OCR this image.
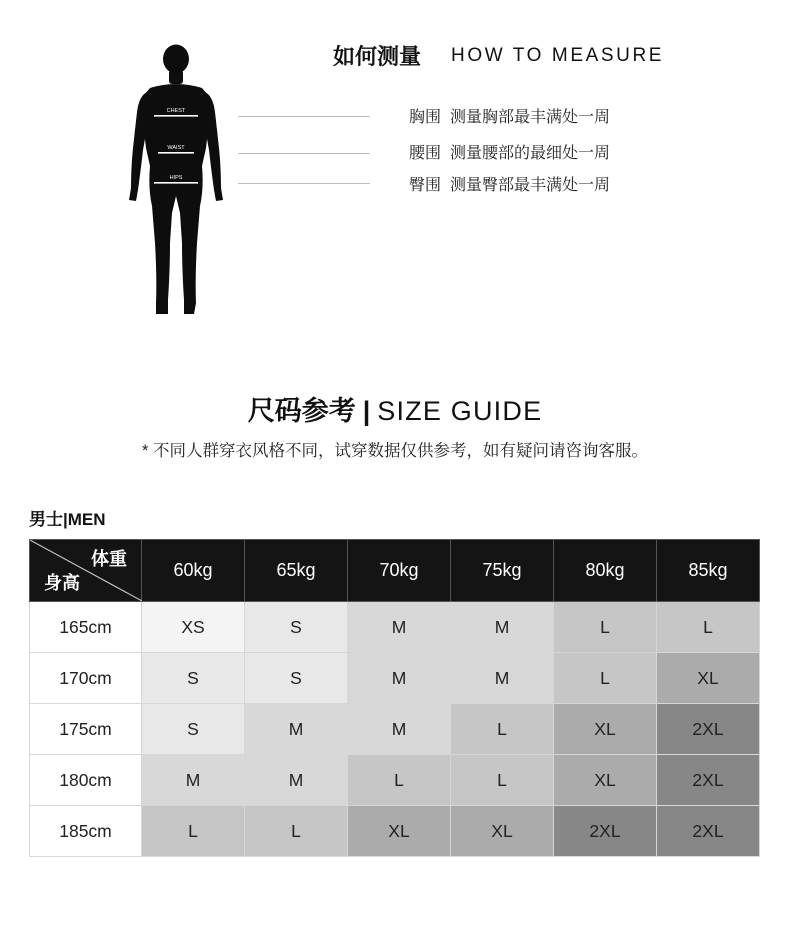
CHEST
WAIST
HIPS
如何测量 HOW TO MEASURE
胸围 测量胸部最丰满处一周
腰围 测量腰部的最细处一周
臀围 测量臀部最丰满处一周
尺码参考 | SIZE GUIDE
* 不同人群穿衣风格不同，试穿数据仅供参考，如有疑问请咨询客服。
男士|MEN
体重
身高	60kg	65kg	70kg	75kg	80kg	85kg
165cm	XS	S	M	M	L	L
170cm	S	S	M	M	L	XL
175cm	S	M	M	L	XL	2XL
180cm	M	M	L	L	XL	2XL
185cm	L	L	XL	XL	2XL	2XL
